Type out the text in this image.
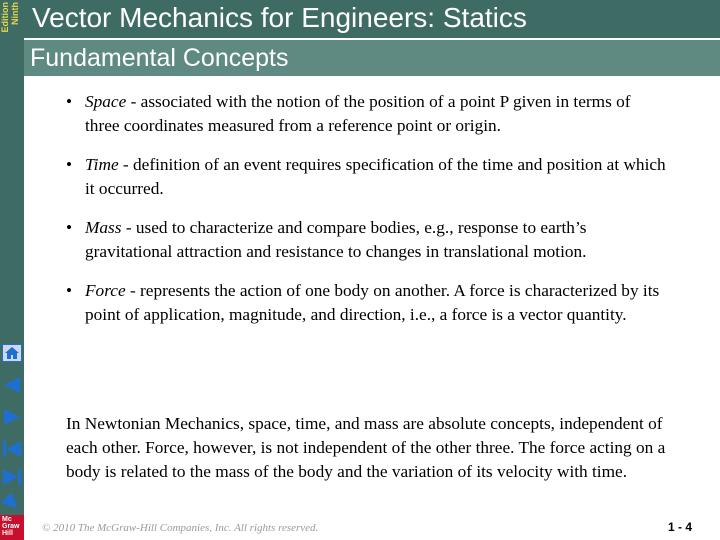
Ninth
Edition Vector Mechanics for Engineers: Statics
Fundamental Concepts
• Space - associated with the notion of the position of a point P given in terms of three coordinates measured from a reference point or origin.
• Time - definition of an event requires specification of the time and position at which it occurred.
• Mass - used to characterize and compare bodies, e.g., response to earth’s gravitational attraction and resistance to changes in translational motion.
• Force - represents the action of one body on another. A force is characterized by its point of application, magnitude, and direction, i.e., a force is a vector quantity.
In Newtonian Mechanics, space, time, and mass are absolute concepts, independent of each other. Force, however, is not independent of the other three. The force acting on a body is related to the mass of the body and the variation of its velocity with time.
Mc
Graw
Hill	© 2010 The McGraw-Hill Companies, Inc. All rights reserved.	1 - 4
